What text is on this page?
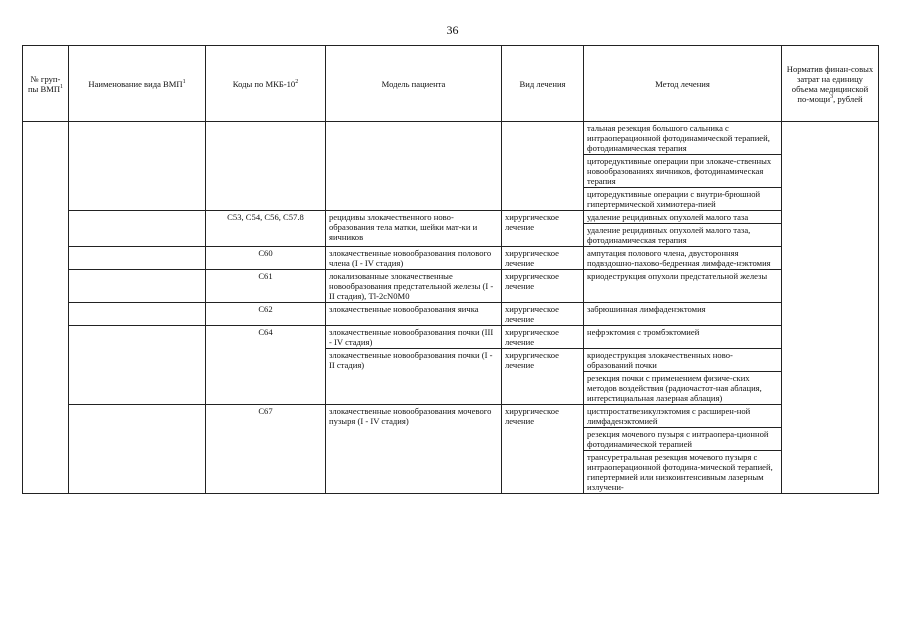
36
№ груп-пы ВМП$^1$	Наименование вида ВМП$^1$	Коды по МКБ-$10^2$	Модель пациента	Вид лечения	Метод лечения	Норматив финан-совых затрат на единицу объема медицинской по-мощи$^3$, рублей
					тальная резекция большого сальника с интраоперационной фотодинамической терапией, фотодинамическая терапия	
					циторедуктивные операции при злокаче-ственных новообразованиях яичников, фотодинамическая терапия	
					циторедуктивные операции с внутри-брюшной гипертермической химиотера-пией	
		C53, C54, C56, C57.8	рецидивы злокачественного ново-образования тела матки, шейки мат-ки и яичников	хирургическое лечение	удаление рецидивных опухолей малого таза	
					удаление рецидивных опухолей малого таза, фотодинамическая терапия	
		C60	злокачественные новообразования полового члена (I - IV стадия)	хирургическое лечение	ампутация полового члена, двусторонняя подвздошно-пахово-бедренная лимфаде-нэктомия	
		C61	локализованные злокачественные новообразования предстательной железы (I - II стадия), Tl-2cN0M0	хирургическое лечение	криодеструкция опухоли предстательной железы	
		C62	злокачественные новообразования яичка	хирургическое лечение	забрюшинная лимфаденэктомия	
		C64	злокачественные новообразования почки (III - IV стадия)	хирургическое лечение	нефрэктомия с тромбэктомией	
			злокачественные новообразования почки (I - II стадия)	хирургическое лечение	криодеструкция злокачественных ново-образований почки	
					резекция почки с применением физиче-ских методов воздействия (радиочастот-ная аблация, интерстициальная лазерная аблация)	
		C67	злокачественные новообразования мочевого пузыря (I - IV стадия)	хирургическое лечение	цистпростатвезикулэктомия с расширен-ной лимфаденэктомией	
					резекция мочевого пузыря с интраопера-ционной фотодинамической терапией	
					трансуретральная резекция мочевого пузыря с интраоперационной фотодина-мической терапией, гипертермией или низкоинтенсивным лазерным излучени-	
